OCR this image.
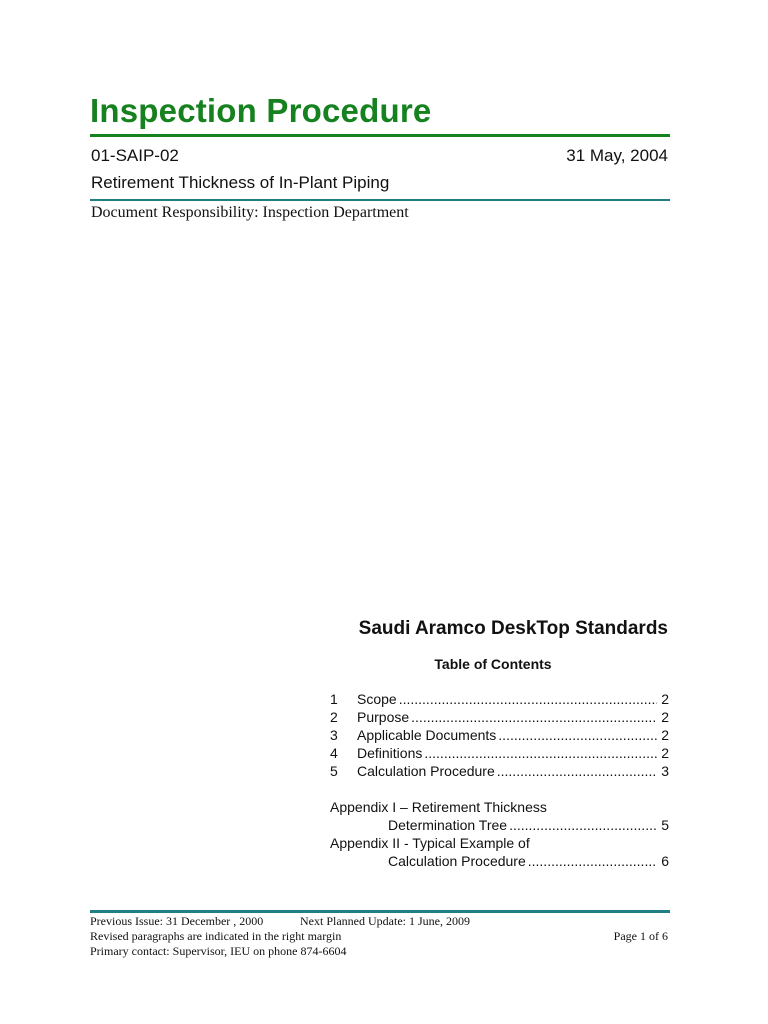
Inspection Procedure
01-SAIP-02	31 May, 2004
Retirement Thickness of In-Plant Piping
Document Responsibility: Inspection Department
Saudi Aramco DeskTop Standards
Table of Contents
1	Scope .....	2
2	Purpose .....	2
3	Applicable Documents .....	2
4	Definitions .....	2
5	Calculation Procedure .....	3
Appendix I – Retirement Thickness
Determination Tree .....	5
Appendix II - Typical Example of
Calculation Procedure .....	6
Previous Issue: 31 December , 2000	Next Planned Update: 1 June, 2009
Revised paragraphs are indicated in the right margin	Page 1 of 6
Primary contact: Supervisor, IEU on phone 874-6604
